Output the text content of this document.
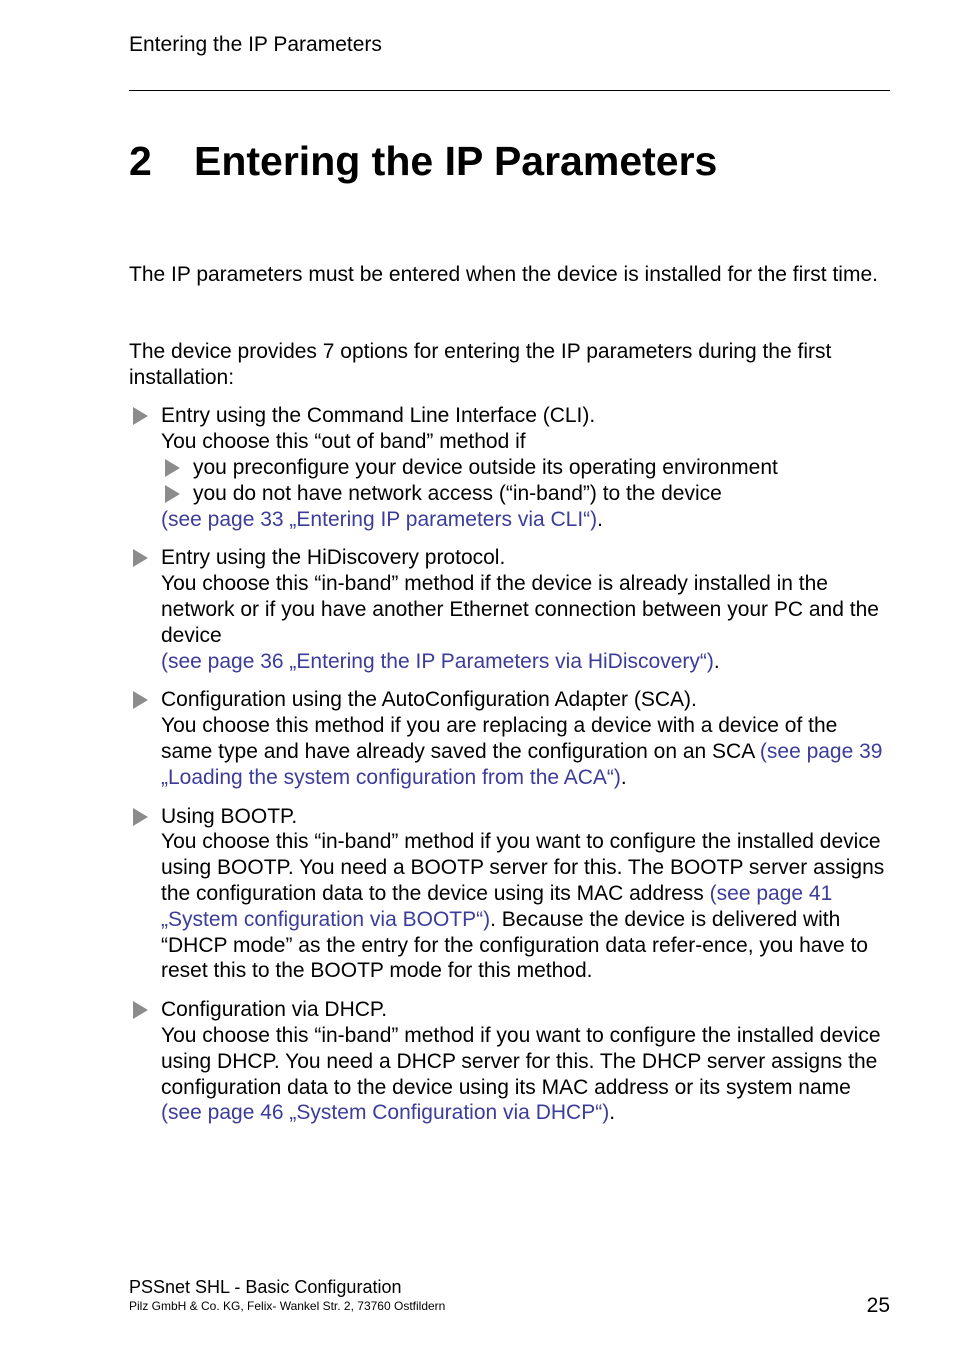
Entering the IP Parameters
2 Entering the IP Parameters

The IP parameters must be entered when the device is installed for the first time.

The device provides 7 options for entering the IP parameters during the first installation:

Entry using the Command Line Interface (CLI).
You choose this “out of band” method if
you preconfigure your device outside its operating environment
you do not have network access (“in-band”) to the device
(see page 33 „Entering IP parameters via CLI“).
Entry using the HiDiscovery protocol.
You choose this “in-band” method if the device is already installed in the network or if you have another Ethernet connection between your PC and the device
(see page 36 „Entering the IP Parameters via HiDiscovery“).
Configuration using the AutoConfiguration Adapter (SCA).
You choose this method if you are replacing a device with a device of the same type and have already saved the configuration on an SCA (see page 39 „Loading the system configuration from the ACA“).
Using BOOTP.
You choose this “in-band” method if you want to configure the installed device using BOOTP. You need a BOOTP server for this. The BOOTP server assigns the configuration data to the device using its MAC address (see page 41 „System configuration via BOOTP“). Because the device is delivered with “DHCP mode” as the entry for the configuration data refer-ence, you have to reset this to the BOOTP mode for this method.
Configuration via DHCP.
You choose this “in-band” method if you want to configure the installed device using DHCP. You need a DHCP server for this. The DHCP server assigns the configuration data to the device using its MAC address or its system name (see page 46 „System Configuration via DHCP“).
PSSnet SHL - Basic Configuration
Pilz GmbH & Co. KG, Felix- Wankel Str. 2, 73760 Ostfildern	25
